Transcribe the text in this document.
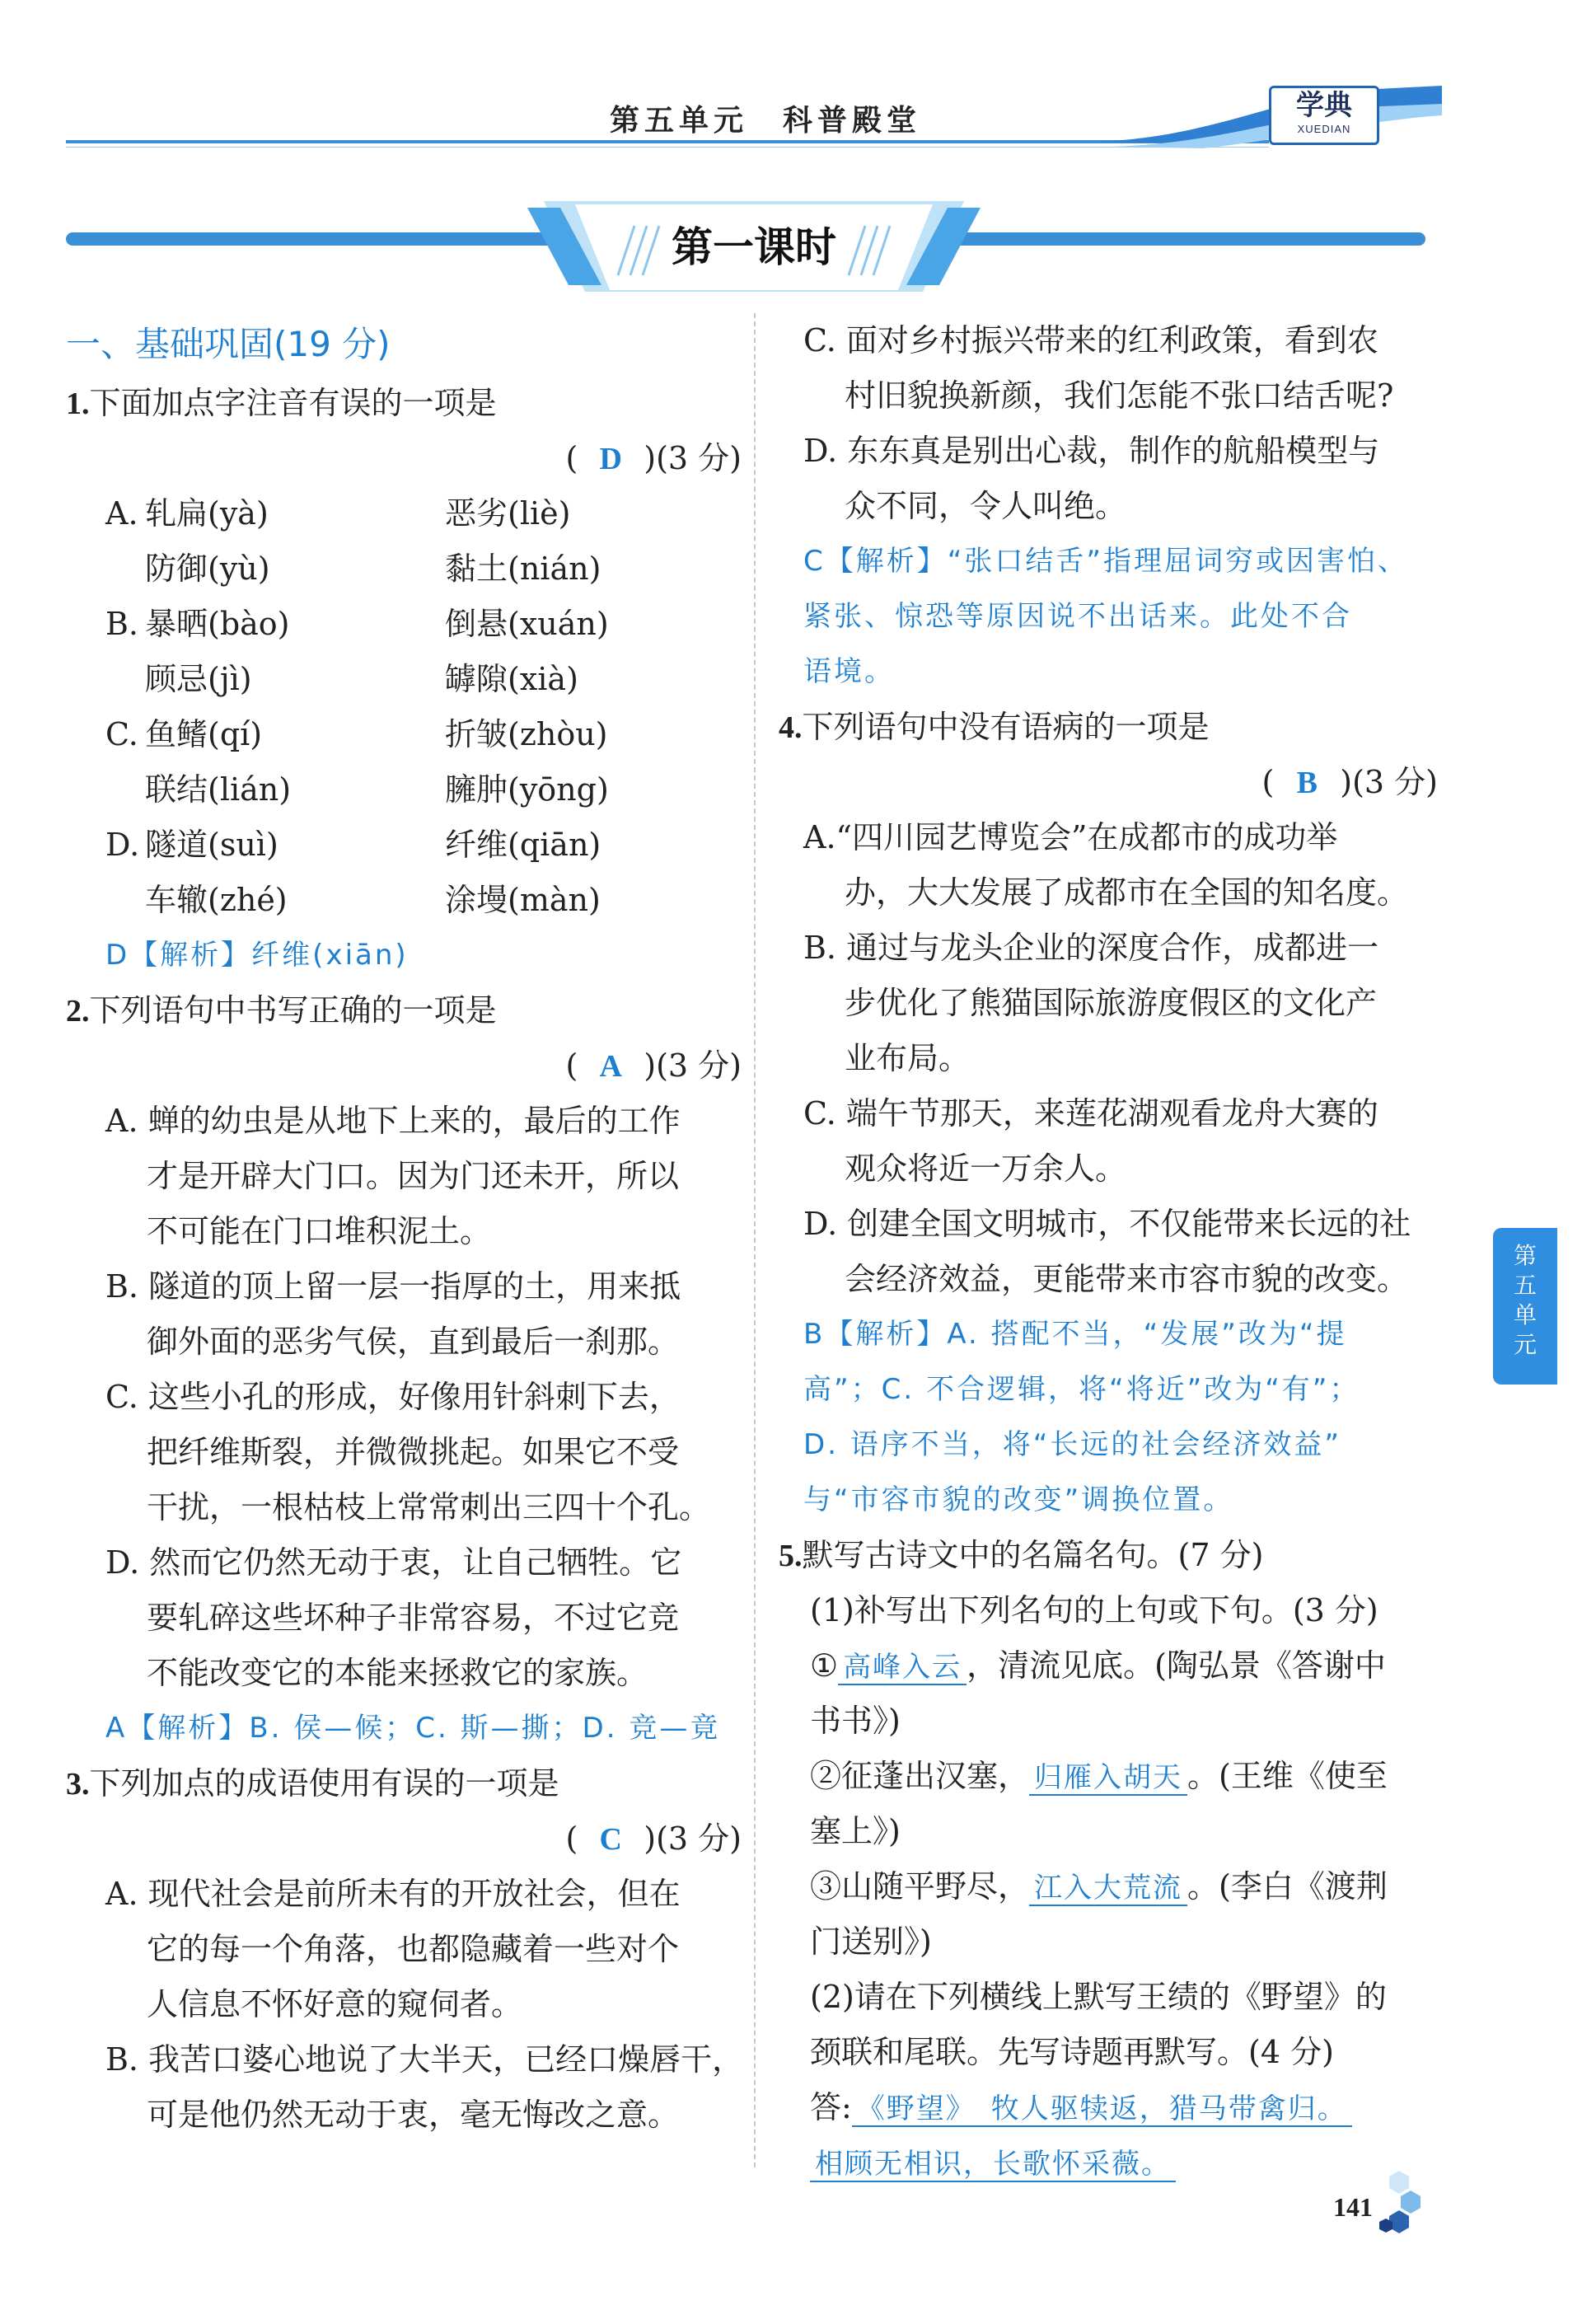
第五单元　科普殿堂	学典
XUEDIAN
第一课时
一、基础巩固(19 分)
1.下面加点字注音有误的一项是
( D )(3 分)
A. 轧扁(yà)	恶劣(liè)
防御(yù)	黏土(nián)
B. 暴晒(bào)	倒悬(xuán)
顾忌(jì)	罅隙(xià)
C. 鱼鳍(qí)	折皱(zhòu)
联结(lián)	臃肿(yōng)
D. 隧道(suì)	纤维(qiān)
车辙(zhé)	涂墁(màn)
D【解析】纤维(xiān)
2.下列语句中书写正确的一项是
( A )(3 分)
A. 蝉的幼虫是从地下上来的，最后的工作
才是开辟大门口。因为门还未开，所以
不可能在门口堆积泥土。
B. 隧道的顶上留一层一指厚的土，用来抵
御外面的恶劣气侯，直到最后一刹那。
C. 这些小孔的形成，好像用针斜刺下去，
把纤维斯裂，并微微挑起。如果它不受
干扰，一根枯枝上常常刺出三四十个孔。
D. 然而它仍然无动于衷，让自己牺牲。它
要轧碎这些坏种子非常容易，不过它竞
不能改变它的本能来拯救它的家族。
A【解析】B. 侯—候；C. 斯—撕；D. 竞—竟
3.下列加点的成语使用有误的一项是
( C )(3 分)
A. 现代社会是前所未有的开放社会，但在
它的每一个角落，也都隐藏着一些对个
人信息不怀好意的窥伺者。
B. 我苦口婆心地说了大半天，已经口燥唇干，
可是他仍然无动于衷，毫无悔改之意。
C. 面对乡村振兴带来的红利政策，看到农
村旧貌换新颜，我们怎能不张口结舌呢?
D. 东东真是别出心裁，制作的航船模型与
众不同，令人叫绝。
C【解析】“张口结舌”指理屈词穷或因害怕、
紧张、惊恐等原因说不出话来。此处不合
语境。
4.下列语句中没有语病的一项是
( B )(3 分)
A.“四川园艺博览会”在成都市的成功举
办，大大发展了成都市在全国的知名度。
B. 通过与龙头企业的深度合作，成都进一
步优化了熊猫国际旅游度假区的文化产
业布局。
C. 端午节那天，来莲花湖观看龙舟大赛的
观众将近一万余人。
D. 创建全国文明城市，不仅能带来长远的社
会经济效益，更能带来市容市貌的改变。
B【解析】A. 搭配不当，“发展”改为“提
高”；C. 不合逻辑，将“将近”改为“有”；
D. 语序不当，将“长远的社会经济效益”
与“市容市貌的改变”调换位置。
5.默写古诗文中的名篇名句。(7 分)
(1)补写出下列名句的上句或下句。(3 分)
① 高峰入云 ，清流见底。(陶弘景《答谢中
书书》)
②征蓬出汉塞， 归雁入胡天 。(王维《使至
塞上》)
③山随平野尽， 江入大荒流 。(李白《渡荆
门送别》)
(2)请在下列横线上默写王绩的《野望》的
颈联和尾联。先写诗题再默写。(4 分)
答: 《野望》　牧人驱犊返，猎马带禽归。
相顾无相识，长歌怀采薇。
第
五
单
元
141
